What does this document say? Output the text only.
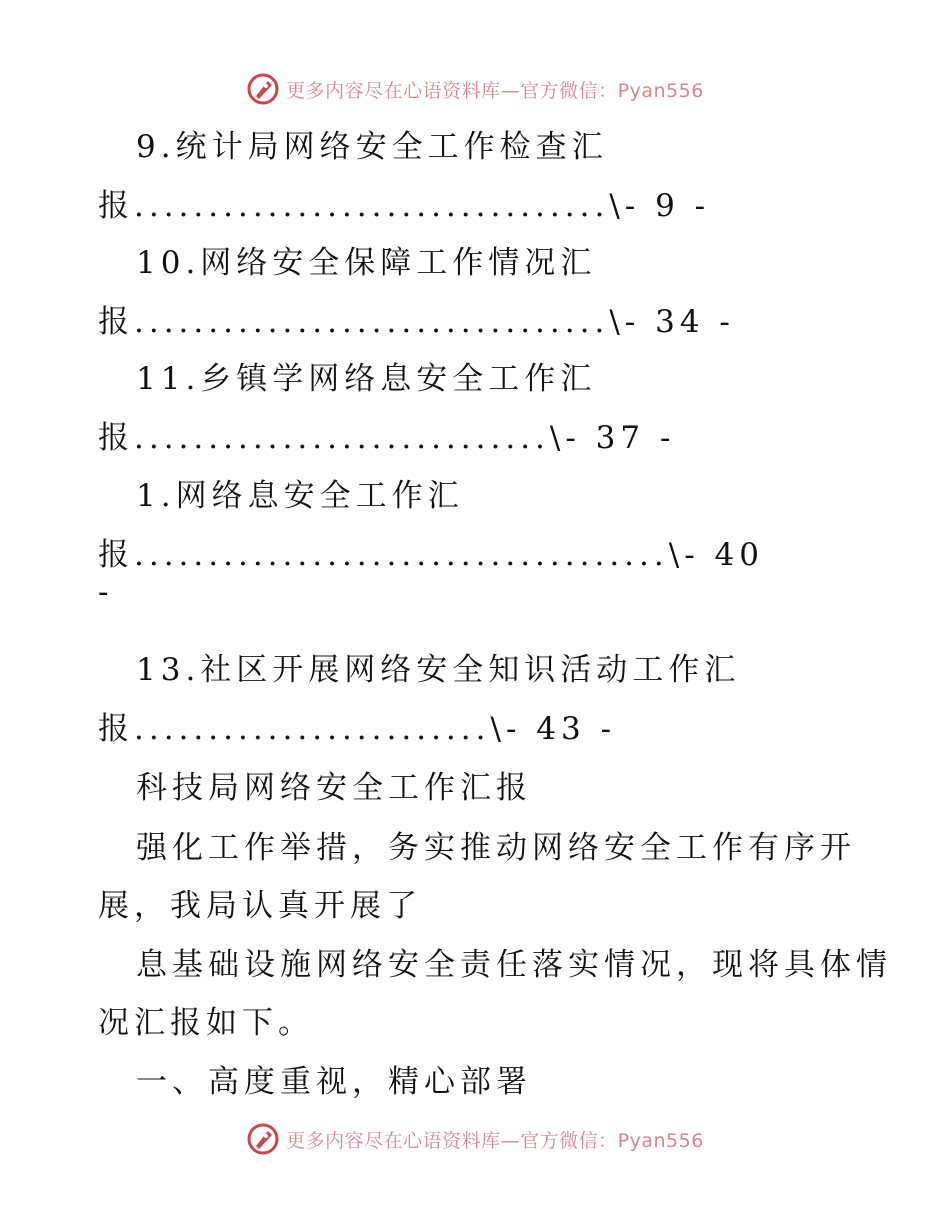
更多内容尽在心语资料库—官方微信：Pyan556
9.统计局网络安全工作检查汇
报................................\- 9 -
10.网络安全保障工作情况汇
报................................\- 34 -
11.乡镇学网络息安全工作汇
报............................\- 37 -
1.网络息安全工作汇
报....................................\- 40
-
13.社区开展网络安全知识活动工作汇
报........................\- 43 -
科技局网络安全工作汇报
强化工作举措，务实推动网络安全工作有序开
展，我局认真开展了
息基础设施网络安全责任落实情况，现将具体情
况汇报如下。
一、高度重视，精心部署
更多内容尽在心语资料库—官方微信：Pyan556
